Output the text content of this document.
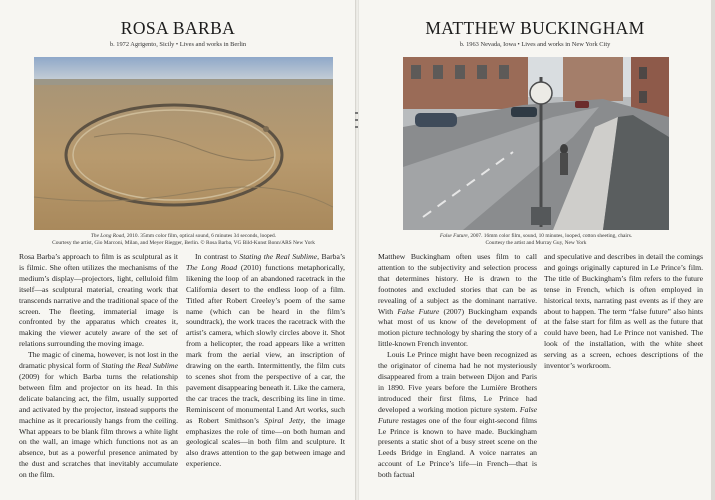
ROSA BARBA
b. 1972 Agrigento, Sicily • Lives and works in Berlin
The Long Road, 2010. 35mm color film, optical sound, 6 minutes 34 seconds, looped.
Courtesy the artist, Gio Marconi, Milan, and Meyer Riegger, Berlin. © Rosa Barba, VG Bild-Kunst Bonn/ARS New York

Rosa Barba’s approach to film is as sculptural as it is filmic. She often utilizes the mechanisms of the medium’s display—projectors, light, celluloid film itself—as sculptural material, creating work that transcends narrative and the traditional space of the screen. The fleeting, immaterial image is confronted by the apparatus which creates it, making the viewer acutely aware of the set of relations surrounding the moving image.

The magic of cinema, however, is not lost in the dramatic physical form of Stating the Real Sublime (2009) for which Barba turns the relationship between film and projector on its head. In this delicate balancing act, the film, usually supported and activated by the projector, instead supports the machine as it precariously hangs from the ceiling. What appears to be blank film throws a white light on the wall, an image which functions not as an absence, but as a powerful presence animated by the dust and scratches that inevitably accumulate on the film.

In contrast to Stating the Real Sublime, Barba’s The Long Road (2010) functions metaphorically, likening the loop of an abandoned racetrack in the California desert to the endless loop of a film. Titled after Robert Creeley’s poem of the same name (which can be heard in the film’s soundtrack), the work traces the racetrack with the artist’s camera, which slowly circles above it. Shot from a helicopter, the road appears like a written mark from the aerial view, an inscription of drawing on the earth. Intermittently, the film cuts to scenes shot from the perspective of a car, the pavement disappearing beneath it. Like the camera, the car traces the track, describing its line in time. Reminiscent of monumental Land Art works, such as Robert Smithson’s Spiral Jetty, the image emphasizes the role of time—on both human and geological scales—in both film and sculpture. It also draws attention to the gap between image and experience.

MATTHEW BUCKINGHAM
b. 1963 Nevada, Iowa • Lives and works in New York City
False Future, 2007. 16mm color film, sound, 10 minutes, looped, cotton sheeting, chairs.
Courtesy the artist and Murray Guy, New York

Matthew Buckingham often uses film to call attention to the subjectivity and selection process that determines history. He is drawn to the footnotes and excluded stories that can be as revealing of a subject as the dominant narrative. With False Future (2007) Buckingham expands what most of us know of the development of motion picture technology by sharing the story of a little-known French inventor.

Louis Le Prince might have been recognized as the originator of cinema had he not mysteriously disappeared from a train between Dijon and Paris in 1890. Five years before the Lumière Brothers introduced their first films, Le Prince had developed a working motion picture system. False Future restages one of the four eight-second films Le Prince is known to have made. Buckingham presents a static shot of a busy street scene on the Leeds Bridge in England. A voice narrates an account of Le Prince’s life—in French—that is both factual

and speculative and describes in detail the comings and goings originally captured in Le Prince’s film. The title of Buckingham’s film refers to the future tense in French, which is often employed in historical texts, narrating past events as if they are about to happen. The term “false future” also hints at the false start for film as well as the future that could have been, had Le Prince not vanished. The look of the installation, with the white sheet serving as a screen, echoes descriptions of the inventor’s workroom.
